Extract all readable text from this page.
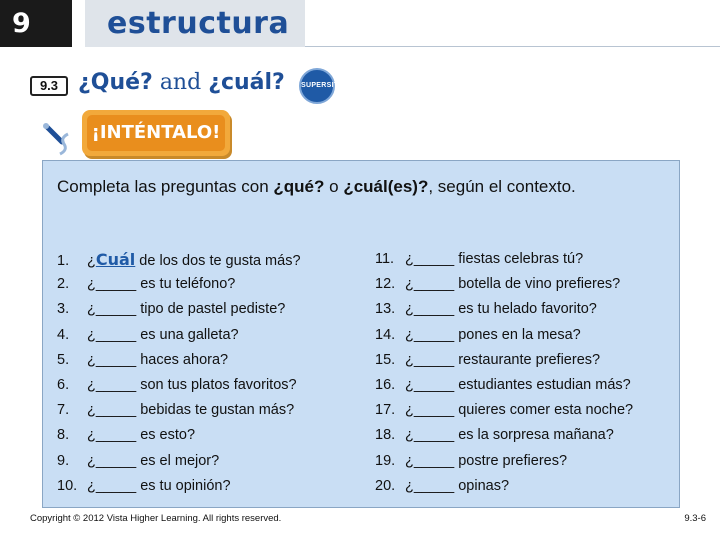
9	estructura
9.3 ¿Qué? and ¿cuál? SUPERSITE
¡INTÉNTALO!
Completa las preguntas con ¿qué? o ¿cuál(es)?, según el contexto.
1. ¿Cuál de los dos te gusta más?
2. ¿_____ es tu teléfono?
3. ¿_____ tipo de pastel pediste?
4. ¿_____ es una galleta?
5. ¿_____ haces ahora?
6. ¿_____ son tus platos favoritos?
7. ¿_____ bebidas te gustan más?
8. ¿_____ es esto?
9. ¿_____ es el mejor?
10. ¿_____ es tu opinión?
11. ¿_____ fiestas celebras tú?
12. ¿_____ botella de vino prefieres?
13. ¿_____ es tu helado favorito?
14. ¿_____ pones en la mesa?
15. ¿_____ restaurante prefieres?
16. ¿_____ estudiantes estudian más?
17. ¿_____ quieres comer esta noche?
18. ¿_____ es la sorpresa mañana?
19. ¿_____ postre prefieres?
20. ¿_____ opinas?
Copyright © 2012 Vista Higher Learning. All rights reserved.	9.3-6
